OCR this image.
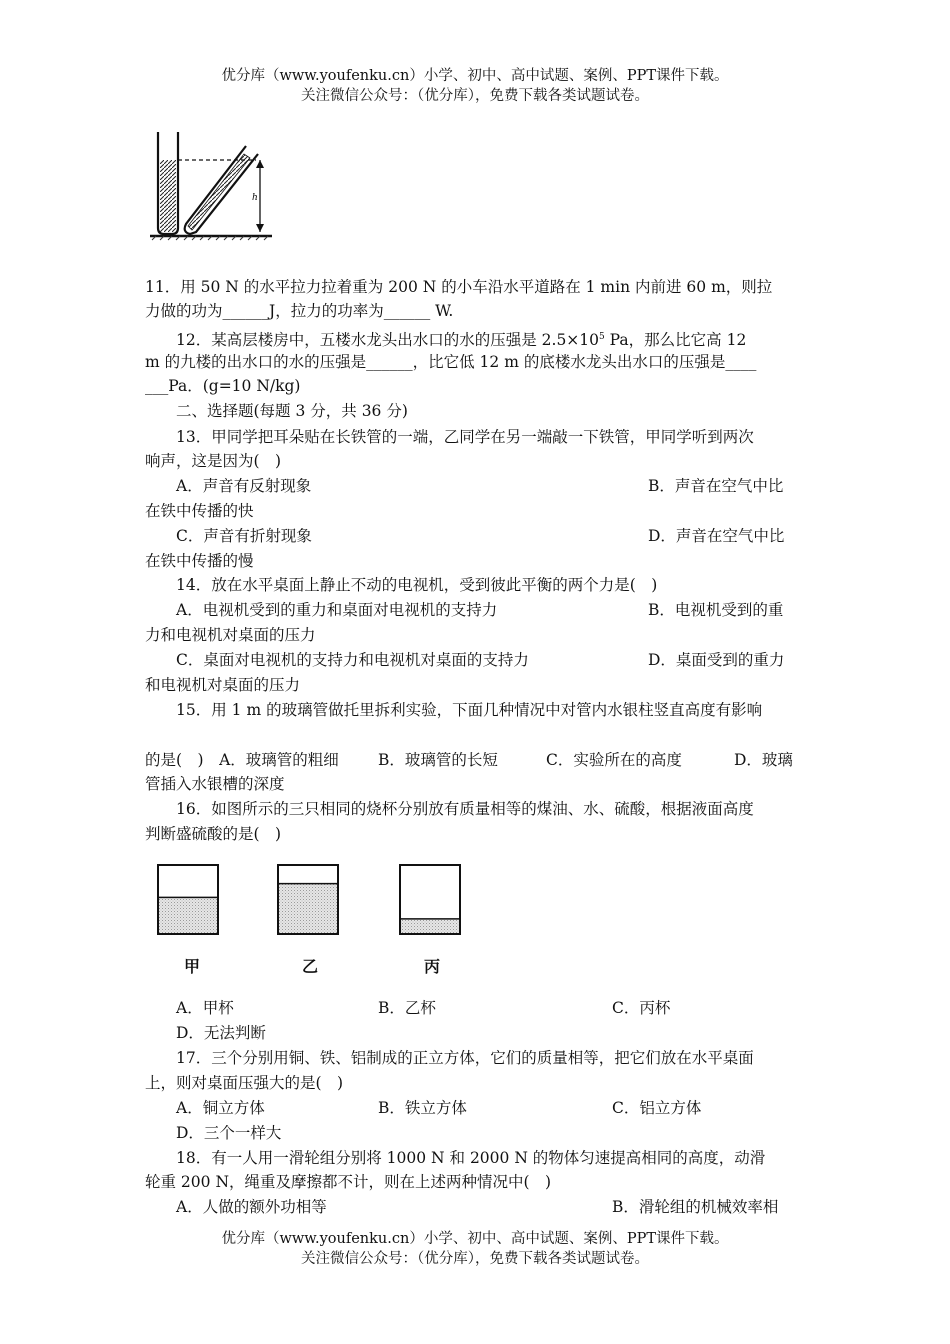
优分库（www.youfenku.cn）小学、初中、高中试题、案例、PPT课件下载。
关注微信公众号：（优分库），免费下载各类试题试卷。
h
11．用 50 N 的水平拉力拉着重为 200 N 的小车沿水平道路在 1 min 内前进 60 m，则拉
力做的功为______J，拉力的功率为______ W.
12．某高层楼房中，五楼水龙头出水口的水的压强是 $2.5\times 10^5$ Pa，那么比它高 12
m 的九楼的出水口的水的压强是______，比它低 12 m 的底楼水龙头出水口的压强是____
___Pa．(g=10 N/kg)
二、选择题(每题 3 分，共 36 分)
13．甲同学把耳朵贴在长铁管的一端，乙同学在另一端敲一下铁管，甲同学听到两次
响声，这是因为(　)
A．声音有反射现象	B．声音在空气中比
在铁中传播的快
C．声音有折射现象	D．声音在空气中比
在铁中传播的慢
14．放在水平桌面上静止不动的电视机，受到彼此平衡的两个力是(　)
A．电视机受到的重力和桌面对电视机的支持力	B．电视机受到的重
力和电视机对桌面的压力
C．桌面对电视机的支持力和电视机对桌面的支持力	D．桌面受到的重力
和电视机对桌面的压力
15．用 1 m 的玻璃管做托里拆利实验，下面几种情况中对管内水银柱竖直高度有影响
的是(　)　A．玻璃管的粗细	B．玻璃管的长短	C．实验所在的高度	D．玻璃
管插入水银槽的深度
16．如图所示的三只相同的烧杯分别放有质量相等的煤油、水、硫酸，根据液面高度
判断盛硫酸的是(　)
甲	乙	丙
A．甲杯	B．乙杯	C．丙杯
D．无法判断
17．三个分别用铜、铁、铝制成的正立方体，它们的质量相等，把它们放在水平桌面
上，则对桌面压强大的是(　)
A．铜立方体	B．铁立方体	C．铝立方体
D．三个一样大
18．有一人用一滑轮组分别将 1000 N 和 2000 N 的物体匀速提高相同的高度，动滑
轮重 200 N，绳重及摩擦都不计，则在上述两种情况中(　)
A．人做的额外功相等	B．滑轮组的机械效率相
优分库（www.youfenku.cn）小学、初中、高中试题、案例、PPT课件下载。
关注微信公众号：（优分库），免费下载各类试题试卷。
